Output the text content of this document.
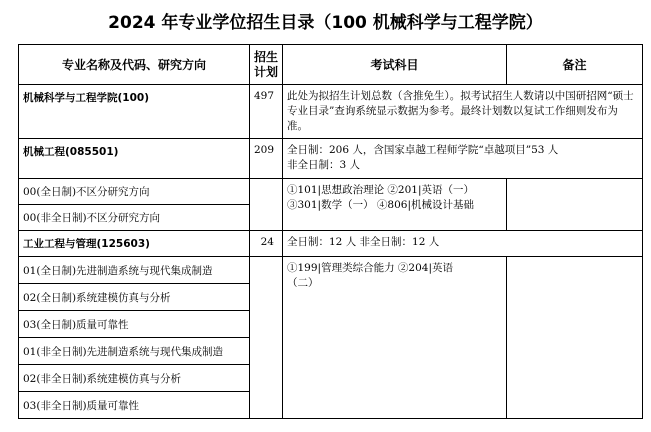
2024 年专业学位招生目录（100 机械科学与工程学院）
专业名称及代码、研究方向	招生
计划	考试科目	备注
机械科学与工程学院(100)	497	此处为拟招生计划总数（含推免生）。拟考试招生人数请以中国研招网“硕士专业目录”查询系统显示数据为参考。最终计划数以复试工作细则发布为准。	
机械工程(085501)	209	全日制：206 人，含国家卓越工程师学院“卓越项目”53 人
非全日制：3 人	

00(全日制)不区分研究方向		①101|思想政治理论 ②201|英语（一）
③301|数学（一） ④806|机械设计基础	

00(非全日制)不区分研究方向			
工业工程与管理(125603)	24	全日制：12 人 非全日制：12 人	

01(全日制)先进制造系统与现代集成制造		①199|管理类综合能力 ②204|英语
（二）	

02(全日制)系统建模仿真与分析			
03(全日制)质量可靠性			
01(非全日制)先进制造系统与现代集成制造			
02(非全日制)系统建模仿真与分析			
03(非全日制)质量可靠性			
